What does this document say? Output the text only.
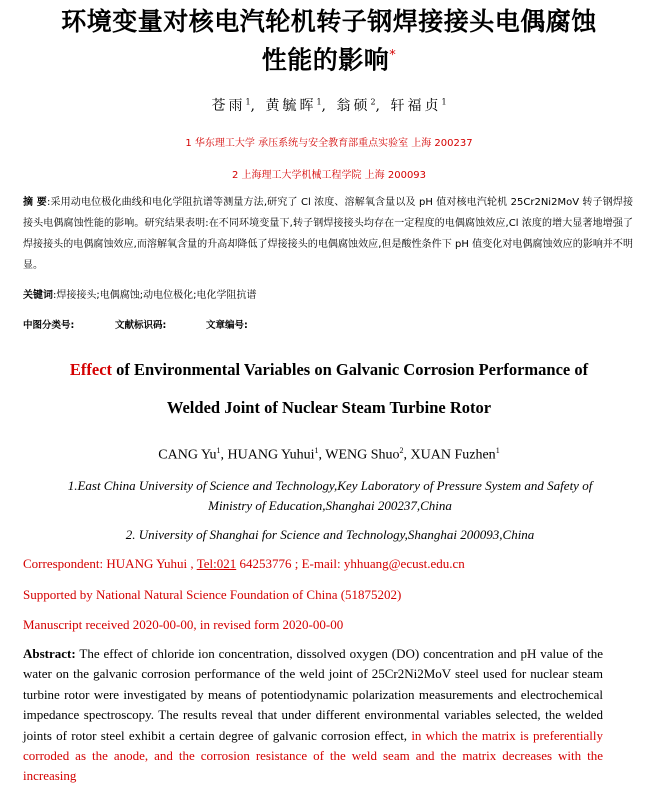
环境变量对核电汽轮机转子钢焊接接头电偶腐蚀
性能的影响*
苍雨$^1$, 黄毓晖$^1$, 翁硕$^2$, 轩福贞$^1$
1 华东理工大学 承压系统与安全教育部重点实验室 上海 200237
2 上海理工大学机械工程学院 上海 200093
摘 要:采用动电位极化曲线和电化学阻抗谱等测量方法,研究了 Cl 浓度、溶解氧含量以及 pH 值对核电汽轮机 25Cr2Ni2MoV 转子钢焊接接头电偶腐蚀性能的影响。研究结果表明:在不同环境变量下,转子钢焊接接头均存在一定程度的电偶腐蚀效应,Cl 浓度的增大显著地增强了焊接接头的电偶腐蚀效应,而溶解氧含量的升高却降低了焊接接头的电偶腐蚀效应,但是酸性条件下 pH 值变化对电偶腐蚀效应的影响并不明显。
关键词:焊接接头;电偶腐蚀;动电位极化;电化学阻抗谱
中图分类号:	文献标识码:	文章编号:
Effect of Environmental Variables on Galvanic Corrosion Performance of
Welded Joint of Nuclear Steam Turbine Rotor
CANG Yu$^1$, HUANG Yuhui$^1$, WENG Shuo$^2$, XUAN Fuzhen$^1$
1.East China University of Science and Technology,Key Laboratory of Pressure System and Safety of Ministry of Education,Shanghai 200237,China
2. University of Shanghai for Science and Technology,Shanghai 200093,China
Correspondent: HUANG Yuhui , Tel:021 64253776 ; E-mail: yhhuang@ecust.edu.cn
Supported by National Natural Science Foundation of China (51875202)
Manuscript received 2020-00-00, in revised form 2020-00-00
Abstract: The effect of chloride ion concentration, dissolved oxygen (DO) concentration and pH value of the water on the galvanic corrosion performance of the weld joint of 25Cr2Ni2MoV steel used for nuclear steam turbine rotor were investigated by means of potentiodynamic polarization measurements and electrochemical impedance spectroscopy. The results reveal that under different environmental variables selected, the welded joints of rotor steel exhibit a certain degree of galvanic corrosion effect, in which the matrix is preferentially corroded as the anode, and the corrosion resistance of the weld seam and the matrix decreases with the increasing
